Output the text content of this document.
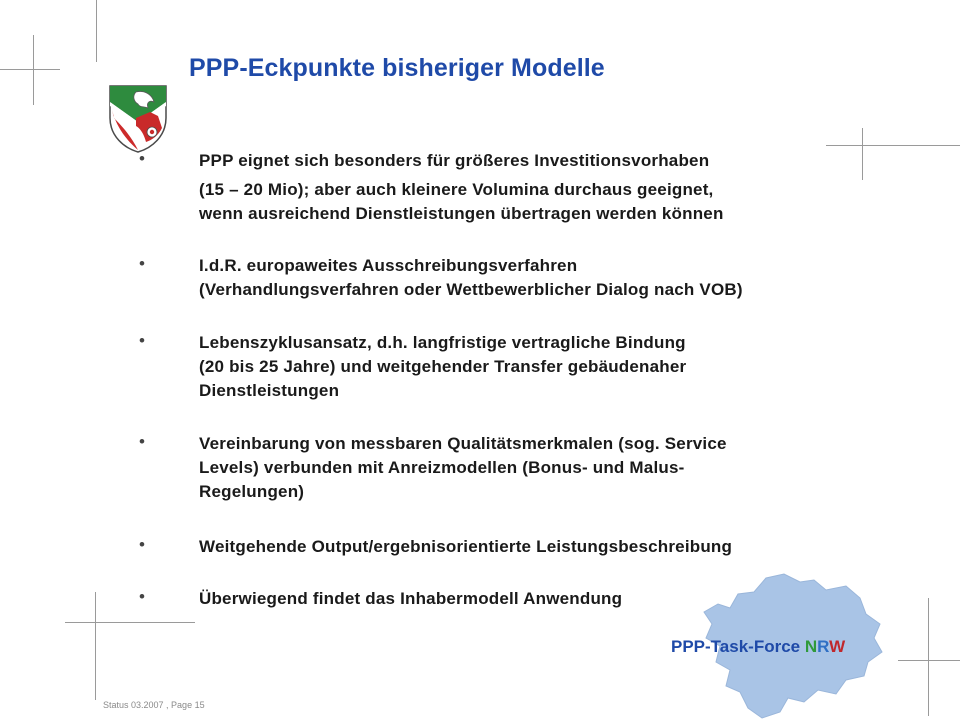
PPP-Eckpunkte bisheriger Modelle
•	PPP eignet sich besonders für größeres Investitionsvorhaben
(15 – 20 Mio); aber auch kleinere Volumina durchaus geeignet,
wenn ausreichend Dienstleistungen übertragen werden können
•	I.d.R. europaweites Ausschreibungsverfahren
(Verhandlungsverfahren oder Wettbewerblicher Dialog nach VOB)
•	Lebenszyklusansatz, d.h. langfristige vertragliche Bindung
(20 bis 25 Jahre) und weitgehender Transfer gebäudenaher
Dienstleistungen
•	Vereinbarung von messbaren Qualitätsmerkmalen (sog. Service
Levels) verbunden mit Anreizmodellen (Bonus- und Malus-
Regelungen)
•	Weitgehende Output/ergebnisorientierte Leistungsbeschreibung
•	Überwiegend findet das Inhabermodell Anwendung
PPP-Task-Force NRW
Status 03.2007 , Page 15
